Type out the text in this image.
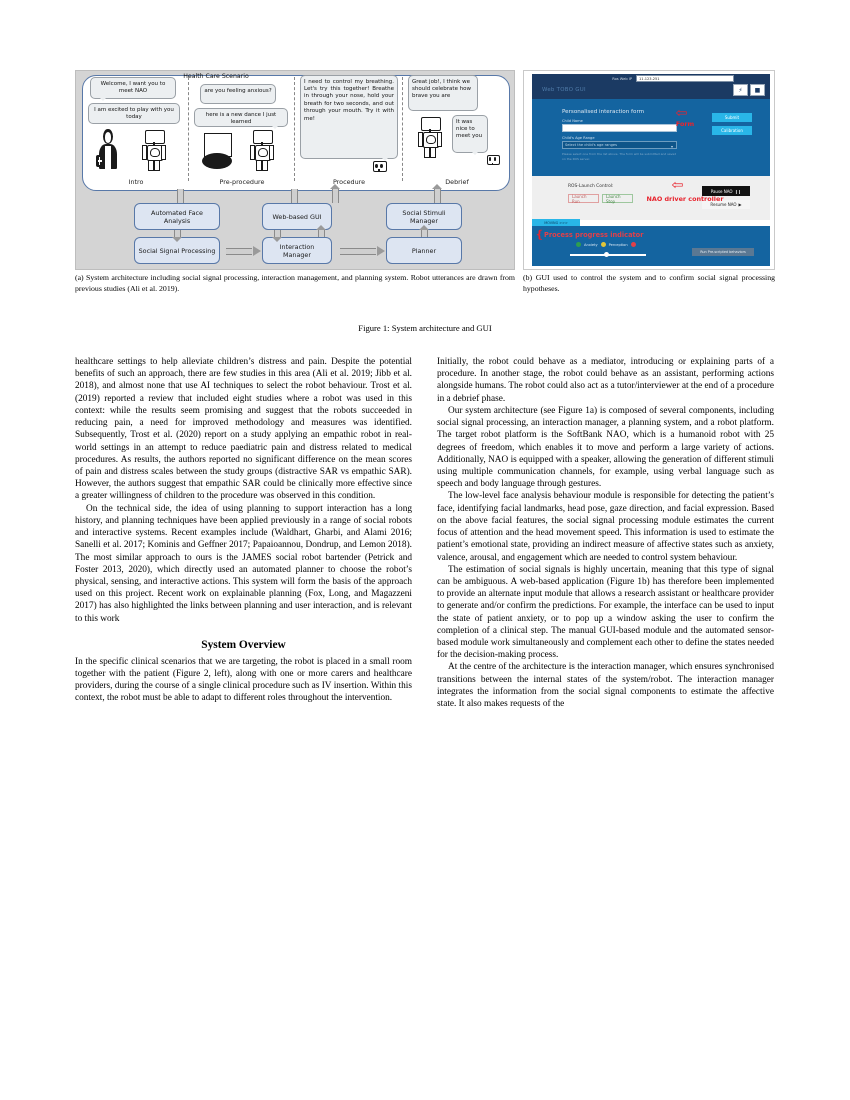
Health Care Scenario
Welcome, I want you to meet NAO
I am excited to play with you today
Intro
are you feeling anxious?
here is a new dance I just learned
Pre-procedure
I need to control my breathing. Let's try this together! Breathe in through your nose, hold your breath for two seconds, and out through your mouth. Try it with me!
Procedure
Great job!, I think we should celebrate how brave you are
It was nice to meet you
Debrief
Automated Face Analysis
Social Signal Processing
Web-based GUI
Interaction Manager
Social Stimuli Manager
Planner
Ros Web IP	11.123.251
⚡	■
Web TOBO GUI
Personalised interaction form
Child Name
Child's Age Range
Select the child's age ranges	▾
Please select one from the list above. The form will be submitted and saved on the ROS server.
Submit
Calibration
ROS-Launch Control:
Launch Run
Launch Stop
Pause NAO ❙❙
Resume NAO ▶
MOVING >>>
Process progress indicator
Anxiety	Perception
Run Pre-scripted behaviors
⇦
Form
⇦
NAO driver controller
❴
(a) System architecture including social signal processing, interaction management, and planning system. Robot utterances are drawn from previous studies (Ali et al. 2019).
(b) GUI used to control the system and to confirm social signal processing hypotheses.
Figure 1: System architecture and GUI

healthcare settings to help alleviate children’s distress and pain. Despite the potential benefits of such an approach, there are few studies in this area (Ali et al. 2019; Jibb et al. 2018), and almost none that use AI techniques to select the robot behaviour. Trost et al. (2019) reported a review that included eight studies where a robot was used in this context: while the results seem promising and suggest that the robots succeeded in reducing pain, a need for improved methodology and measures was identified. Subsequently, Trost et al. (2020) report on a study applying an empathic robot in real-world settings in an attempt to reduce paediatric pain and distress related to medical procedures. As results, the authors reported no significant difference on the mean scores of pain and distress scales between the study groups (distractive SAR vs empathic SAR). However, the authors suggest that empathic SAR could be clinically more effective since a greater willingness of children to the procedure was observed in this condition.

On the technical side, the idea of using planning to support interaction has a long history, and planning techniques have been applied previously in a range of social robots and interactive systems. Recent examples include (Waldhart, Gharbi, and Alami 2016; Sanelli et al. 2017; Kominis and Geffner 2017; Papaioannou, Dondrup, and Lemon 2018). The most similar approach to ours is the JAMES social robot bartender (Petrick and Foster 2013, 2020), which directly used an automated planner to choose the robot’s physical, sensing, and interactive actions. This system will form the basis of the approach used on this project. Recent work on explainable planning (Fox, Long, and Magazzeni 2017) has also highlighted the links between planning and user interaction, and is relevant to this work

System Overview

In the specific clinical scenarios that we are targeting, the robot is placed in a small room together with the patient (Figure 2, left), along with one or more carers and healthcare providers, during the course of a single clinical procedure such as IV insertion. Within this context, the robot must be able to adapt to different roles throughout the intervention.

Initially, the robot could behave as a mediator, introducing or explaining parts of a procedure. In another stage, the robot could behave as an assistant, performing actions alongside humans. The robot could also act as a tutor/interviewer at the end of a procedure in a debrief phase.

Our system architecture (see Figure 1a) is composed of several components, including social signal processing, an interaction manager, a planning system, and a robot platform. The target robot platform is the SoftBank NAO, which is a humanoid robot with 25 degrees of freedom, which enables it to move and perform a large variety of actions. Additionally, NAO is equipped with a speaker, allowing the generation of different stimuli using multiple communication channels, for example, using verbal language such as speech and body language through gestures.

The low-level face analysis behaviour module is responsible for detecting the patient’s face, identifying facial landmarks, head pose, gaze direction, and facial expression. Based on the above facial features, the social signal processing module estimates the current focus of attention and the head movement speed. This information is used to estimate the patient’s emotional state, providing an indirect measure of affective states such as anxiety, valence, arousal, and engagement which are needed to control system behaviour.

The estimation of social signals is highly uncertain, meaning that this type of signal can be ambiguous. A web-based application (Figure 1b) has therefore been implemented to provide an alternate input module that allows a research assistant or healthcare provider to generate and/or confirm the predictions. For example, the interface can be used to input the state of patient anxiety, or to pop up a window asking the user to confirm the completion of a clinical step. The manual GUI-based module and the automated sensor-based module work simultaneously and complement each other to define the states needed for the decision-making process.

At the centre of the architecture is the interaction manager, which ensures synchronised transitions between the internal states of the system/robot. The interaction manager integrates the information from the social signal components to estimate the affective state. It also makes requests of the
